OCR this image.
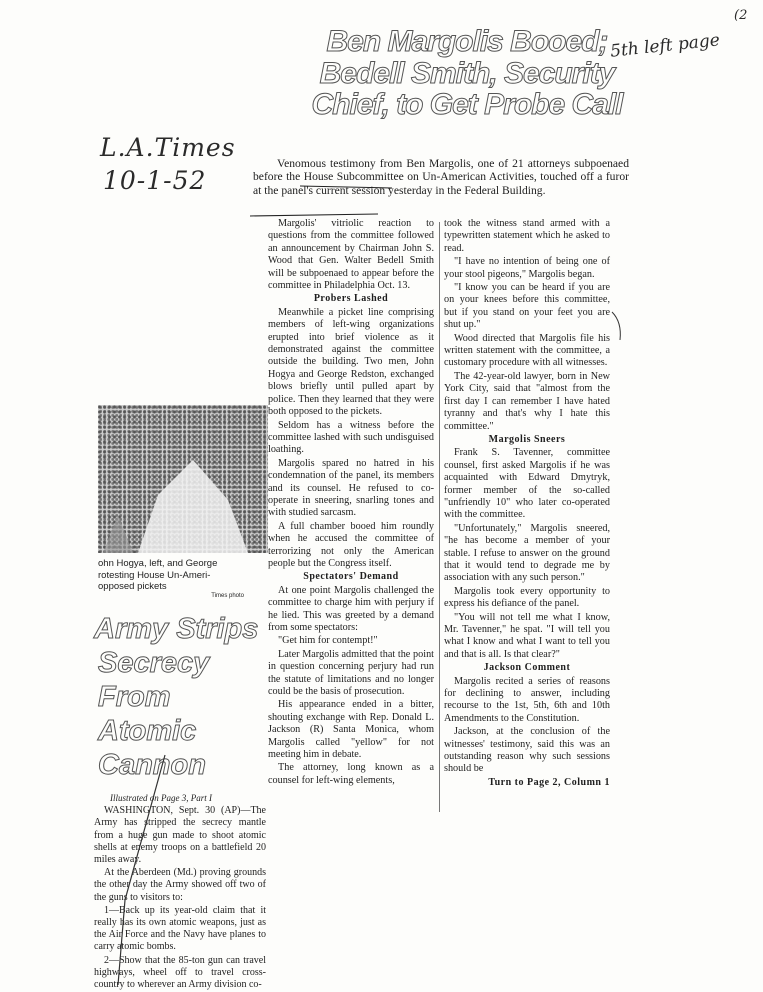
(2
L.A.Times
10-1-52
5th left page
Ben Margolis Booed;
Bedell Smith, Security
Chief, to Get Probe Call
Venomous testimony from Ben Margolis, one of 21 attorneys subpoenaed before the House Subcommittee on Un-American Activities, touched off a furor at the panel's current session yesterday in the Federal Building.

Margolis' vitriolic reaction to questions from the committee followed an announcement by Chairman John S. Wood that Gen. Walter Bedell Smith will be subpoenaed to appear before the committee in Philadelphia Oct. 13.

Probers Lashed

Meanwhile a picket line comprising members of left-wing organizations erupted into brief violence as it demonstrated against the committee outside the building. Two men, John Hogya and George Redston, exchanged blows briefly until pulled apart by police. Then they learned that they were both opposed to the pickets.

Seldom has a witness before the committee lashed with such undisguised loathing.

Margolis spared no hatred in his condemnation of the panel, its members and its counsel. He refused to co-operate in sneering, snarling tones and with studied sarcasm.

A full chamber booed him roundly when he accused the committee of terrorizing not only the American people but the Congress itself.

Spectators' Demand

At one point Margolis challenged the committee to charge him with perjury if he lied. This was greeted by a demand from some spectators:

"Get him for contempt!"

Later Margolis admitted that the point in question concerning perjury had run the statute of limitations and no longer could be the basis of prosecution.

His appearance ended in a bitter, shouting exchange with Rep. Donald L. Jackson (R) Santa Monica, whom Margolis called "yellow" for not meeting him in debate.

The attorney, long known as a counsel for left-wing elements,

took the witness stand armed with a typewritten statement which he asked to read.

"I have no intention of being one of your stool pigeons," Margolis began.

"I know you can be heard if you are on your knees before this committee, but if you stand on your feet you are shut up."

Wood directed that Margolis file his written statement with the committee, a customary procedure with all witnesses.

The 42-year-old lawyer, born in New York City, said that "almost from the first day I can remember I have hated tyranny and that's why I hate this committee."

Margolis Sneers

Frank S. Tavenner, committee counsel, first asked Margolis if he was acquainted with Edward Dmytryk, former member of the so-called "unfriendly 10" who later co-operated with the committee.

"Unfortunately," Margolis sneered, "he has become a member of your stable. I refuse to answer on the ground that it would tend to degrade me by association with any such person."

Margolis took every opportunity to express his defiance of the panel.

"You will not tell me what I know, Mr. Tavenner," he spat. "I will tell you what I know and what I want to tell you and that is all. Is that clear?"

Jackson Comment

Margolis recited a series of reasons for declining to answer, including recourse to the 1st, 5th, 6th and 10th Amendments to the Constitution.

Jackson, at the conclusion of the witnesses' testimony, said this was an outstanding reason why such sessions should be

Turn to Page 2, Column 1

ohn Hogya, left, and George
rotesting House Un-Ameri-
opposed pickets
Times photo
Army Strips
Secrecy From
Atomic Cannon

Illustrated on Page 3, Part I

WASHINGTON, Sept. 30 (AP)—The Army has stripped the secrecy mantle from a huge gun made to shoot atomic shells at enemy troops on a battlefield 20 miles away.

At the Aberdeen (Md.) proving grounds the other day the Army showed off two of the guns to visitors to:

1—Back up its year-old claim that it really has its own atomic weapons, just as the Air Force and the Navy have planes to carry atomic bombs.

2—Show that the 85-ton gun can travel highways, wheel off to travel cross-country to wherever an Army division co-
